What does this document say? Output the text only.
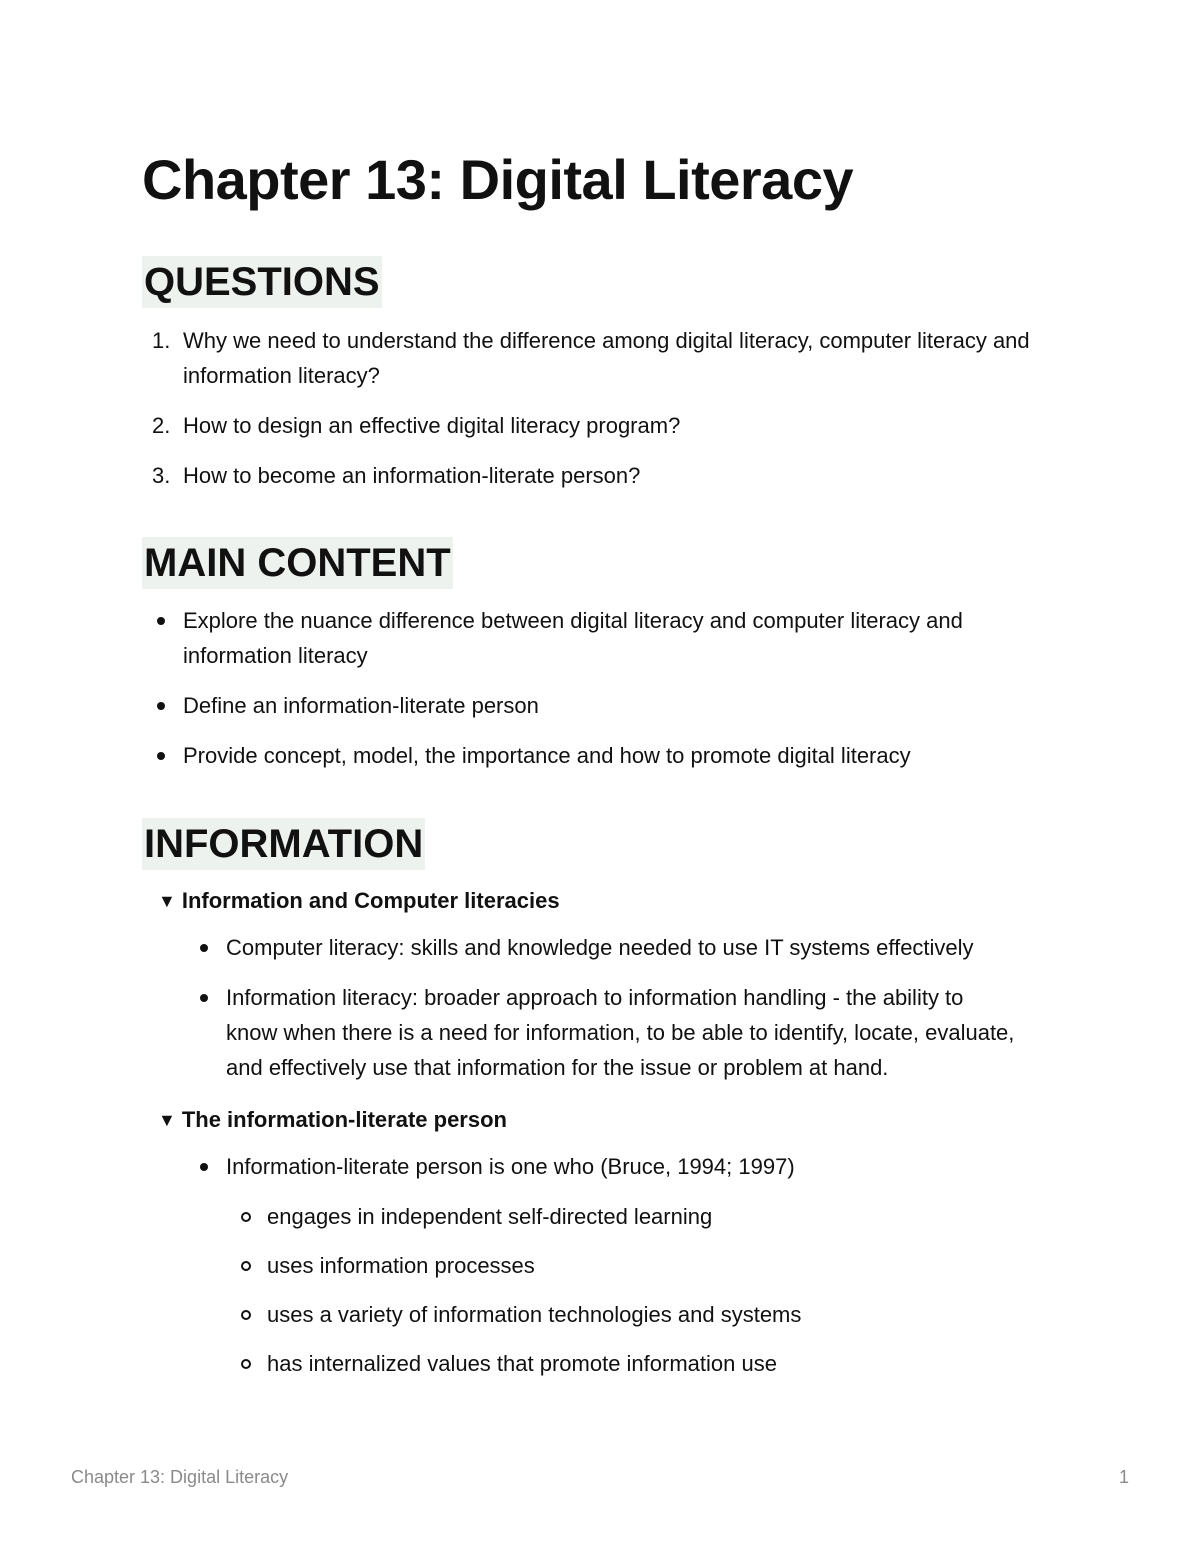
Chapter 13: Digital Literacy
QUESTIONS
1. Why we need to understand the difference among digital literacy, computer literacy and information literacy?
2. How to design an effective digital literacy program?
3. How to become an information-literate person?
MAIN CONTENT
Explore the nuance difference between digital literacy and computer literacy and information literacy
Define an information-literate person
Provide concept, model, the importance and how to promote digital literacy
INFORMATION
▼ Information and Computer literacies
Computer literacy: skills and knowledge needed to use IT systems effectively
Information literacy: broader approach to information handling - the ability to know when there is a need for information, to be able to identify, locate, evaluate, and effectively use that information for the issue or problem at hand.
▼ The information-literate person
Information-literate person is one who (Bruce, 1994; 1997)
engages in independent self-directed learning
uses information processes
uses a variety of information technologies and systems
has internalized values that promote information use
Chapter 13: Digital Literacy	1
